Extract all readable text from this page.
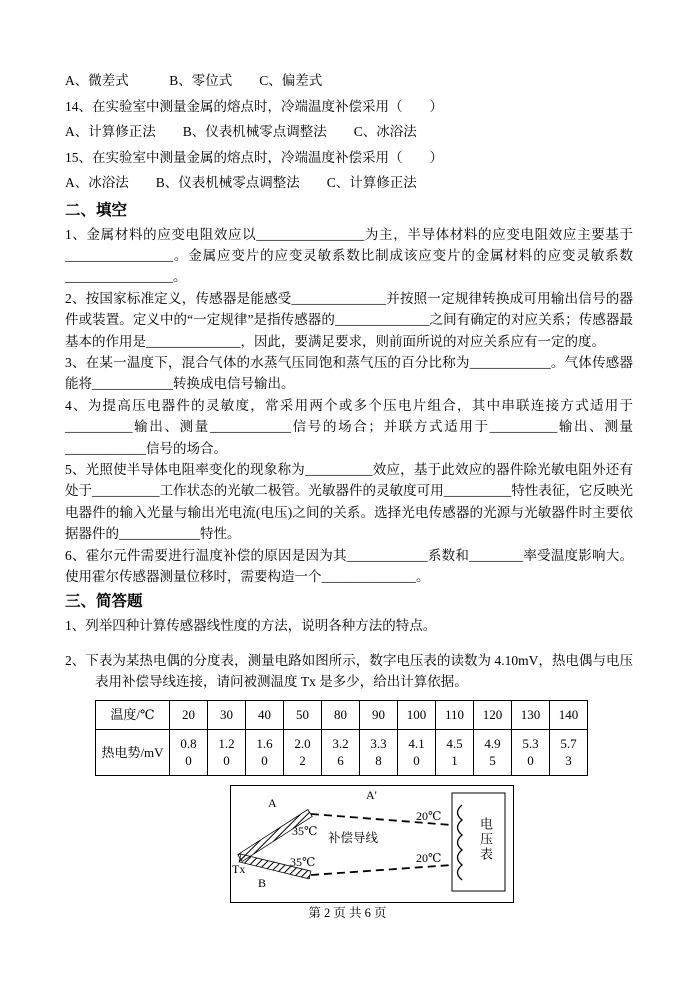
A、微差式　　　B、零位式　　C、偏差式
14、在实验室中测量金属的熔点时，冷端温度补偿采用（　　）
A、计算修正法　　B、仪表机械零点调整法　　C、冰浴法
15、在实验室中测量金属的熔点时，冷端温度补偿采用（　　）
A、冰浴法　　B、仪表机械零点调整法　　C、计算修正法
二、填空

1、金属材料的应变电阻效应以________________为主，半导体材料的应变电阻效应主要基于________________。金属应变片的应变灵敏系数比制成该应变片的金属材料的应变灵敏系数________________。

2、按国家标准定义，传感器是能感受______________并按照一定规律转换成可用输出信号的器件或装置。定义中的“一定规律”是指传感器的______________之间有确定的对应关系；传感器最基本的作用是______________，因此，要满足要求，则前面所说的对应关系应有一定的度。

3、在某一温度下，混合气体的水蒸气压同饱和蒸气压的百分比称为____________。气体传感器能将____________转换成电信号输出。

4、为提高压电器件的灵敏度，常采用两个或多个压电片组合，其中串联连接方式适用于__________输出、测量____________信号的场合；并联方式适用于__________输出、测量____________信号的场合。

5、光照使半导体电阻率变化的现象称为__________效应，基于此效应的器件除光敏电阻外还有处于__________工作状态的光敏二极管。光敏器件的灵敏度可用__________特性表征，它反映光电器件的输入光量与输出光电流(电压)之间的关系。选择光电传感器的光源与光敏器件时主要依据器件的____________特性。

6、霍尔元件需要进行温度补偿的原因是因为其____________系数和________率受温度影响大。使用霍尔传感器测量位移时，需要构造一个______________。

三、简答题

1、列举四种计算传感器线性度的方法，说明各种方法的特点。

2、下表为某热电偶的分度表，测量电路如图所示，数字电压表的读数为 4.10mV，热电偶与电压表用补偿导线连接，请问被测温度 Tx 是多少，给出计算依据。

温度/℃	20	30	40	50	80	90	100	110	120	130	140
热电势/mV	0.80	1.20	1.60	2.02	3.26	3.38	4.10	4.51	4.95	5.30	5.73
A
A'
B
Tx
35℃
35℃
20℃
20℃
补偿导线	电压表
第 2 页 共 6 页
